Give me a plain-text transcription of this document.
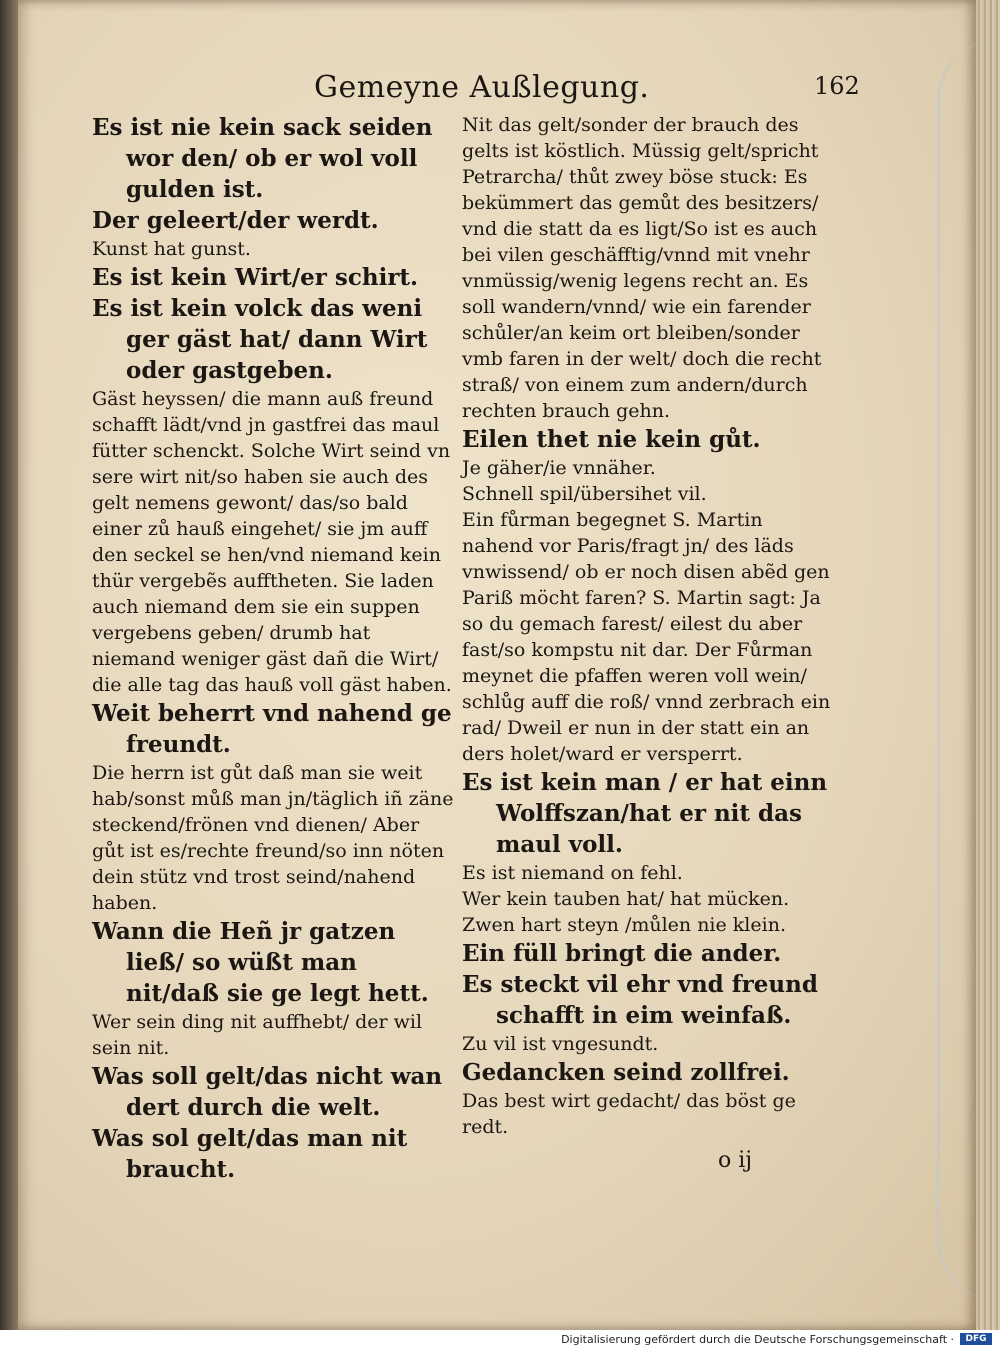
Gemeyne Außlegung.	162

Es ist nie kein sack seiden wor den/ ob er wol voll gulden ist.

Der geleert/der werdt.

Kunst hat gunst.

Es ist kein Wirt/er schirt.

Es ist kein volck das weni ger gäst hat/ dann Wirt oder gastgeben.

Gäst heyssen/ die mann auß freund schafft lädt/vnd jn gastfrei das maul fütter schenckt. Solche Wirt seind vn sere wirt nit/so haben sie auch des gelt nemens gewont/ das/so bald einer zů hauß eingehet/ sie jm auff den seckel se hen/vnd niemand kein thür vergebẽs aufftheten. Sie laden auch niemand dem sie ein suppen vergebens geben/ drumb hat niemand weniger gäst dañ die Wirt/ die alle tag das hauß voll gäst haben.

Weit beherrt vnd nahend ge freundt.

Die herrn ist gůt daß man sie weit hab/sonst můß man jn/täglich iñ zäne steckend/frönen vnd dienen/ Aber gůt ist es/rechte freund/so inn nöten dein stütz vnd trost seind/nahend haben.

Wann die Heñ jr gatzen ließ/ so wüßt man nit/daß sie ge legt hett.

Wer sein ding nit auffhebt/ der wil sein nit.

Was soll gelt/das nicht wan dert durch die welt.

Was sol gelt/das man nit braucht.

Nit das gelt/sonder der brauch des gelts ist köstlich. Müssig gelt/spricht Petrarcha/ thůt zwey böse stuck: Es bekümmert das gemůt des besitzers/ vnd die statt da es ligt/So ist es auch bei vilen geschäfftig/vnnd mit vnehr vnmüssig/wenig legens recht an. Es soll wandern/vnnd/ wie ein farender schůler/an keim ort bleiben/sonder vmb faren in der welt/ doch die recht straß/ von einem zum andern/durch rechten brauch gehn.

Eilen thet nie kein gůt.

Je gäher/ie vnnäher.

Schnell spil/übersihet vil.

Ein fůrman begegnet S. Martin nahend vor Paris/fragt jn/ des läds vnwissend/ ob er noch disen abẽd gen Pariß möcht faren? S. Martin sagt: Ja so du gemach farest/ eilest du aber fast/so kompstu nit dar. Der Fůrman meynet die pfaffen weren voll wein/ schlůg auff die roß/ vnnd zerbrach ein rad/ Dweil er nun in der statt ein an ders holet/ward er versperrt.

Es ist kein man / er hat einn Wolffszan/hat er nit das maul voll.

Es ist niemand on fehl.

Wer kein tauben hat/ hat mücken.

Zwen hart steyn /můlen nie klein.

Ein füll bringt die ander.

Es steckt vil ehr vnd freund schafft in eim weinfaß.

Zu vil ist vngesundt.

Gedancken seind zollfrei.

Das best wirt gedacht/ das böst ge redt.

o ij
Digitalisierung gefördert durch die Deutsche Forschungsgemeinschaft ·	DFG
